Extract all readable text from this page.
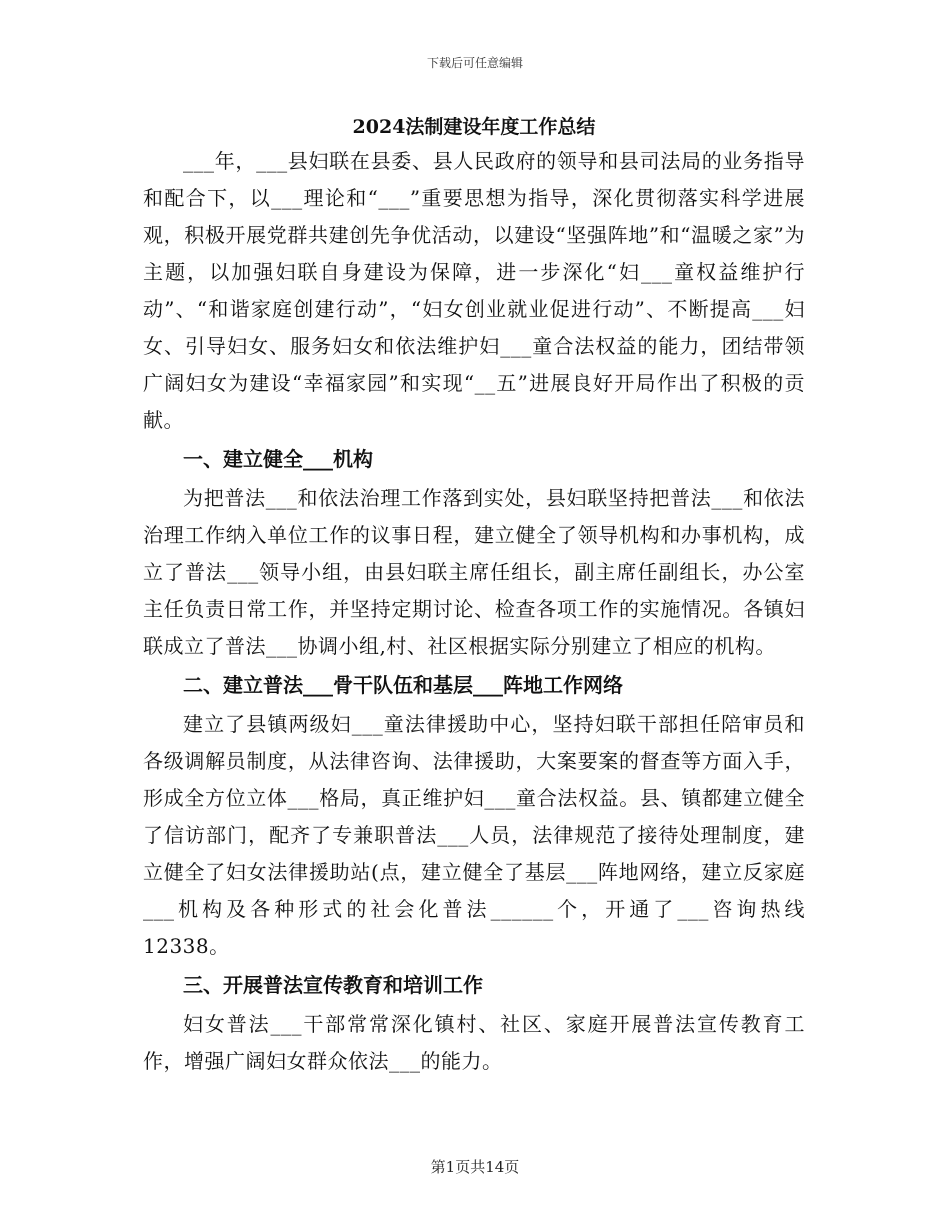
下载后可任意编辑
2024法制建设年度工作总结

___年，___县妇联在县委、县人民政府的领导和县司法局的业务指导和配合下，以___理论和“___”重要思想为指导，深化贯彻落实科学进展观，积极开展党群共建创先争优活动，以建设“坚强阵地”和“温暖之家”为主题，以加强妇联自身建设为保障，进一步深化“妇___童权益维护行动”、“和谐家庭创建行动”，“妇女创业就业促进行动”、不断提高___妇女、引导妇女、服务妇女和依法维护妇___童合法权益的能力，团结带领广阔妇女为建设“幸福家园”和实现“__五”进展良好开局作出了积极的贡献。

一、建立健全___机构

为把普法___和依法治理工作落到实处，县妇联坚持把普法___和依法治理工作纳入单位工作的议事日程，建立健全了领导机构和办事机构，成立了普法___领导小组，由县妇联主席任组长，副主席任副组长，办公室主任负责日常工作，并坚持定期讨论、检查各项工作的实施情况。各镇妇联成立了普法___协调小组,村、社区根据实际分别建立了相应的机构。

二、建立普法___骨干队伍和基层___阵地工作网络

建立了县镇两级妇___童法律援助中心，坚持妇联干部担任陪审员和各级调解员制度，从法律咨询、法律援助，大案要案的督查等方面入手，形成全方位立体___格局，真正维护妇___童合法权益。县、镇都建立健全了信访部门，配齐了专兼职普法___人员，法律规范了接待处理制度，建立健全了妇女法律援助站(点，建立健全了基层___阵地网络，建立反家庭___机构及各种形式的社会化普法______个，开通了___咨询热线12338。

三、开展普法宣传教育和培训工作

妇女普法___干部常常深化镇村、社区、家庭开展普法宣传教育工作，增强广阔妇女群众依法___的能力。

第1页共14页
